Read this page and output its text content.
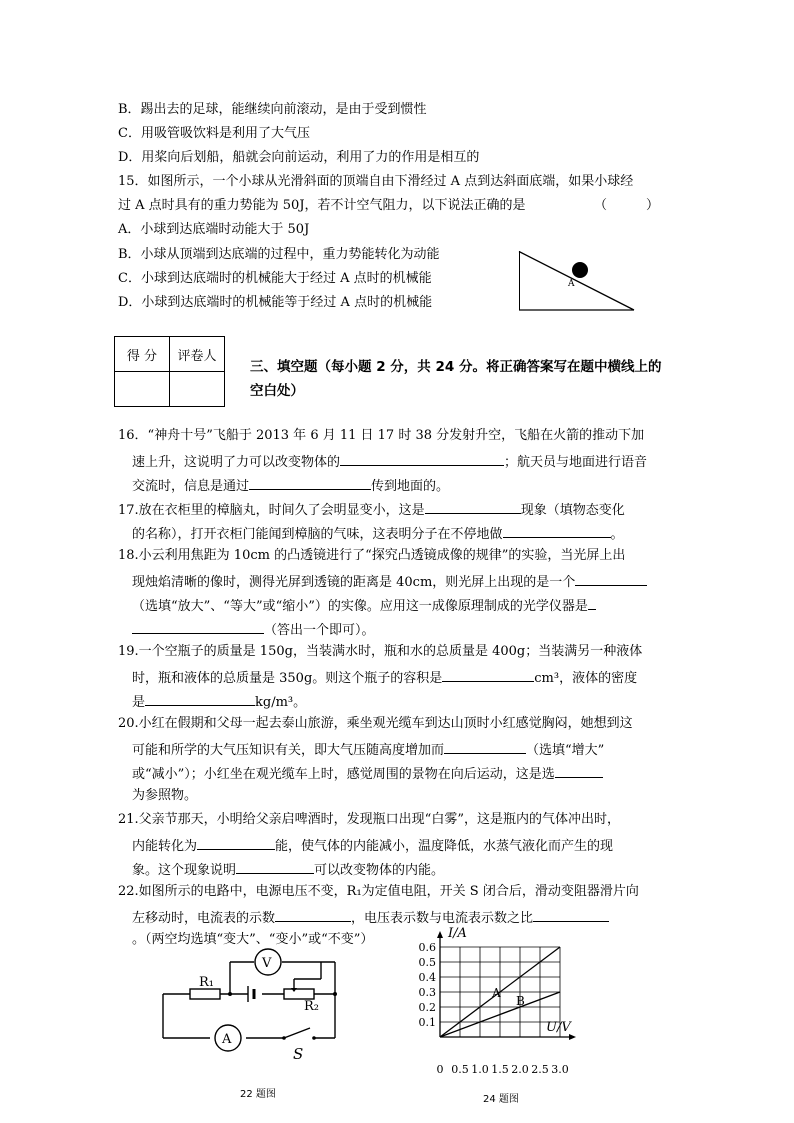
B．踢出去的足球，能继续向前滚动，是由于受到惯性
C．用吸管吸饮料是利用了大气压
D．用桨向后划船，船就会向前运动，利用了力的作用是相互的
15．如图所示，一个小球从光滑斜面的顶端自由下滑经过 A 点到达斜面底端，如果小球经
过 A 点时具有的重力势能为 50J，若不计空气阻力，以下说法正确的是	（　　　）
A．小球到达底端时动能大于 50J
B．小球从顶端到达底端的过程中，重力势能转化为动能
C．小球到达底端时的机械能大于经过 A 点时的机械能
D．小球到达底端时的机械能等于经过 A 点时的机械能
A
得 分	评卷人

三、填空题（每小题 2 分，共 24 分。将正确答案写在题中横线上的
空白处）
16．“神舟十号”飞船于 2013 年 6 月 11 日 17 时 38 分发射升空，飞船在火箭的推动下加
速上升，这说明了力可以改变物体的	；航天员与地面进行语音
交流时，信息是通过	传到地面的。
17.放在衣柜里的樟脑丸，时间久了会明显变小，这是	现象（填物态变化
的名称），打开衣柜门能闻到樟脑的气味，这表明分子在不停地做	。
18.小云利用焦距为 10cm 的凸透镜进行了“探究凸透镜成像的规律”的实验，当光屏上出
现烛焰清晰的像时，测得光屏到透镜的距离是 40cm，则光屏上出现的是一个
（选填“放大”、“等大”或“缩小”）的实像。应用这一成像原理制成的光学仪器是
（答出一个即可）。
19.一个空瓶子的质量是 150g，当装满水时，瓶和水的总质量是 400g；当装满另一种液体
时，瓶和液体的总质量是 350g。则这个瓶子的容积是	cm³，液体的密度
是	kg/m³。
20.小红在假期和父母一起去泰山旅游，乘坐观光缆车到达山顶时小红感觉胸闷，她想到这
可能和所学的大气压知识有关，即大气压随高度增加而	（选填“增大”
或“减小”）；小红坐在观光缆车上时，感觉周围的景物在向后运动，这是选
为参照物。
21.父亲节那天，小明给父亲启啤酒时，发现瓶口出现“白雾”，这是瓶内的气体冲出时，
内能转化为	能，使气体的内能减小，温度降低，水蒸气液化而产生的现
象。这个现象说明	可以改变物体的内能。
22.如图所示的电路中，电源电压不变，R₁为定值电阻，开关 S 闭合后，滑动变阻器滑片向
左移动时，电流表的示数	，电压表示数与电流表示数之比
。（两空均选填“变大”、“变小”或“不变”）
R₁
R₂
V
A
S
22 题图
0.1
0.2
0.3
0.4
0.5
0.6
0 0.5 1.0 1.5 2.0 2.5 3.0
A
B
I/A
U/V
24 题图
